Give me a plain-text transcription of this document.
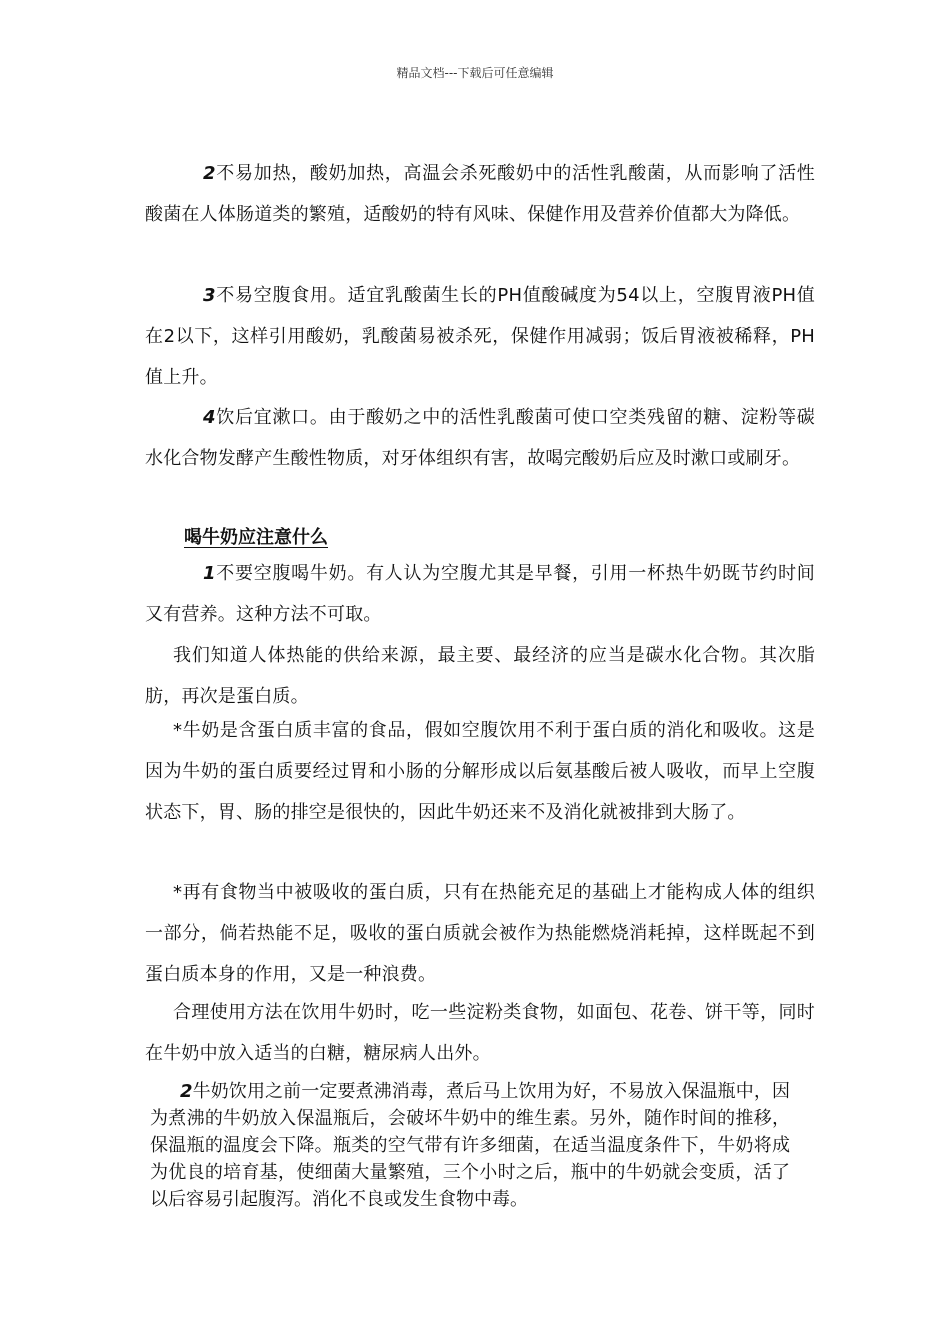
精品文档---下载后可任意编辑

2不易加热，酸奶加热，高温会杀死酸奶中的活性乳酸菌，从而影响了活性酸菌在人体肠道类的繁殖，适酸奶的特有风味、保健作用及营养价值都大为降低。

3不易空腹食用。适宜乳酸菌生长的PH值酸碱度为54以上，空腹胃液PH值在2以下，这样引用酸奶，乳酸菌易被杀死，保健作用减弱；饭后胃液被稀释，PH值上升。

4饮后宜漱口。由于酸奶之中的活性乳酸菌可使口空类残留的糖、淀粉等碳水化合物发酵产生酸性物质，对牙体组织有害，故喝完酸奶后应及时漱口或刷牙。

喝牛奶应注意什么

1不要空腹喝牛奶。有人认为空腹尤其是早餐，引用一杯热牛奶既节约时间又有营养。这种方法不可取。

我们知道人体热能的供给来源，最主要、最经济的应当是碳水化合物。其次脂肪，再次是蛋白质。

*牛奶是含蛋白质丰富的食品，假如空腹饮用不利于蛋白质的消化和吸收。这是因为牛奶的蛋白质要经过胃和小肠的分解形成以后氨基酸后被人吸收，而早上空腹状态下，胃、肠的排空是很快的，因此牛奶还来不及消化就被排到大肠了。

*再有食物当中被吸收的蛋白质，只有在热能充足的基础上才能构成人体的组织一部分，倘若热能不足，吸收的蛋白质就会被作为热能燃烧消耗掉，这样既起不到蛋白质本身的作用，又是一种浪费。

合理使用方法在饮用牛奶时，吃一些淀粉类食物，如面包、花卷、饼干等，同时在牛奶中放入适当的白糖，糖尿病人出外。

2牛奶饮用之前一定要煮沸消毒，煮后马上饮用为好，不易放入保温瓶中，因为煮沸的牛奶放入保温瓶后，会破坏牛奶中的维生素。另外，随作时间的推移，保温瓶的温度会下降。瓶类的空气带有许多细菌，在适当温度条件下，牛奶将成为优良的培育基，使细菌大量繁殖，三个小时之后，瓶中的牛奶就会变质，活了以后容易引起腹泻。消化不良或发生食物中毒。
